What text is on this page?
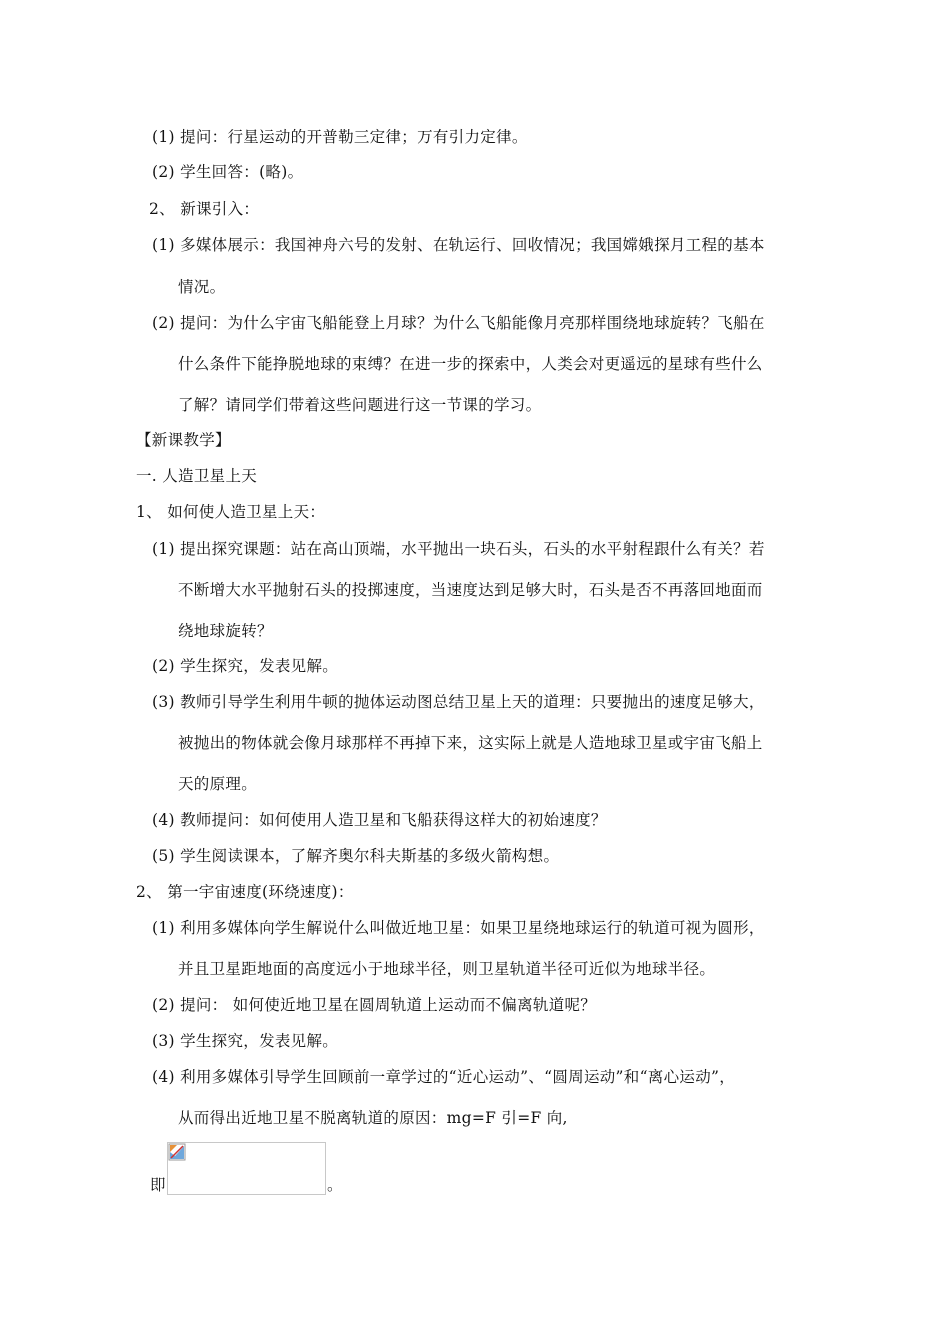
(1) 提问：行星运动的开普勒三定律；万有引力定律。
(2) 学生回答：(略)。
2、 新课引入：
(1) 多媒体展示：我国神舟六号的发射、在轨运行、回收情况；我国嫦娥探月工程的基本
情况。
(2) 提问：为什么宇宙飞船能登上月球？为什么飞船能像月亮那样围绕地球旋转？飞船在
什么条件下能挣脱地球的束缚？在进一步的探索中，人类会对更遥远的星球有些什么
了解？请同学们带着这些问题进行这一节课的学习。
【新课教学】
一. 人造卫星上天
1、 如何使人造卫星上天：
(1) 提出探究课题：站在高山顶端，水平抛出一块石头，石头的水平射程跟什么有关？若
不断增大水平抛射石头的投掷速度，当速度达到足够大时，石头是否不再落回地面而
绕地球旋转？
(2) 学生探究，发表见解。
(3) 教师引导学生利用牛顿的抛体运动图总结卫星上天的道理：只要抛出的速度足够大，
被抛出的物体就会像月球那样不再掉下来，这实际上就是人造地球卫星或宇宙飞船上
天的原理。
(4) 教师提问：如何使用人造卫星和飞船获得这样大的初始速度？
(5) 学生阅读课本，了解齐奥尔科夫斯基的多级火箭构想。
2、 第一宇宙速度(环绕速度)：
(1) 利用多媒体向学生解说什么叫做近地卫星：如果卫星绕地球运行的轨道可视为圆形，
并且卫星距地面的高度远小于地球半径，则卫星轨道半径可近似为地球半径。
(2) 提问： 如何使近地卫星在圆周轨道上运动而不偏离轨道呢？
(3) 学生探究，发表见解。
(4) 利用多媒体引导学生回顾前一章学过的“近心运动”、“圆周运动”和“离心运动”，
从而得出近地卫星不脱离轨道的原因：mg=F 引=F 向,
即	。
